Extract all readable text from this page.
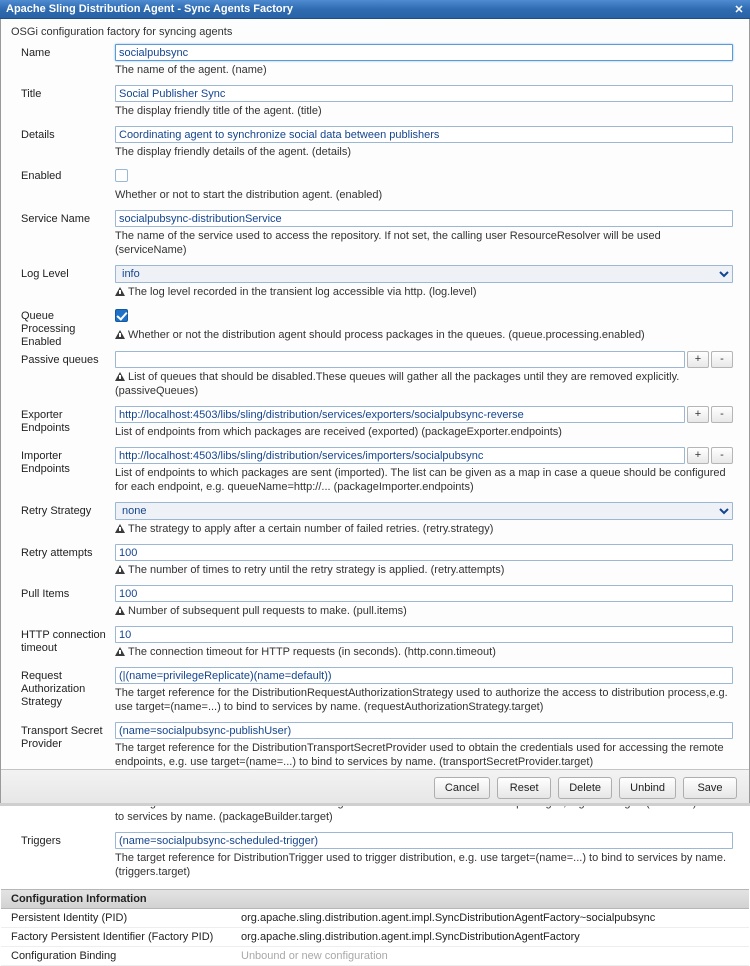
Apache Sling Distribution Agent - Sync Agents Factory	✕
OSGi configuration factory for syncing agents
Name
socialpubsync
The name of the agent. (name)
Title
Social Publisher Sync
The display friendly title of the agent. (title)
Details
Coordinating agent to synchronize social data between publishers
The display friendly details of the agent. (details)
Enabled
Whether or not to start the distribution agent. (enabled)
Service Name
socialpubsync-distributionService
The name of the service used to access the repository. If not set, the calling user ResourceResolver will be used (serviceName)
Log Level
info
The log level recorded in the transient log accessible via http. (log.level)
Queue Processing Enabled
Whether or not the distribution agent should process packages in the queues. (queue.processing.enabled)
Passive queues	+	-
List of queues that should be disabled.These queues will gather all the packages until they are removed explicitly. (passiveQueues)
Exporter Endpoints
http://localhost:4503/libs/sling/distribution/services/exporters/socialpubsync-reverse
+	-
List of endpoints from which packages are received (exported) (packageExporter.endpoints)
Importer Endpoints
http://localhost:4503/libs/sling/distribution/services/importers/socialpubsync
+	-
List of endpoints to which packages are sent (imported). The list can be given as a map in case a queue should be configured for each endpoint, e.g. queueName=http://... (packageImporter.endpoints)
Retry Strategy
none
The strategy to apply after a certain number of failed retries. (retry.strategy)
Retry attempts
100
The number of times to retry until the retry strategy is applied. (retry.attempts)
Pull Items
100
Number of subsequent pull requests to make. (pull.items)
HTTP connection timeout
10	The connection timeout for HTTP requests (in seconds). (http.conn.timeout)
Request Authorization Strategy
(|(name=privilegeReplicate)(name=default))
The target reference for the DistributionRequestAuthorizationStrategy used to authorize the access to distribution process,e.g. use target=(name=...) to bind to services by name. (requestAuthorizationStrategy.target)
Transport Secret Provider
(name=socialpubsync-publishUser)	The target reference for the DistributionTransportSecretProvider used to obtain the credentials used for accessing the remote endpoints, e.g. use target=(name=...) to bind to services by name. (transportSecretProvider.target)
(name=socialpubsync-vlt)
to services by name. (packageBuilder.target)
Triggers
(name=socialpubsync-scheduled-trigger)
The target reference for DistributionTrigger used to trigger distribution, e.g. use target=(name=...) to bind to services by name. (triggers.target)
Configuration Information
Persistent Identity (PID)	org.apache.sling.distribution.agent.impl.SyncDistributionAgentFactory~socialpubsync
Factory Persistent Identifier (Factory PID)	org.apache.sling.distribution.agent.impl.SyncDistributionAgentFactory
Configuration Binding	Unbound or new configuration
Cancel	Reset	Delete	Unbind	Save
